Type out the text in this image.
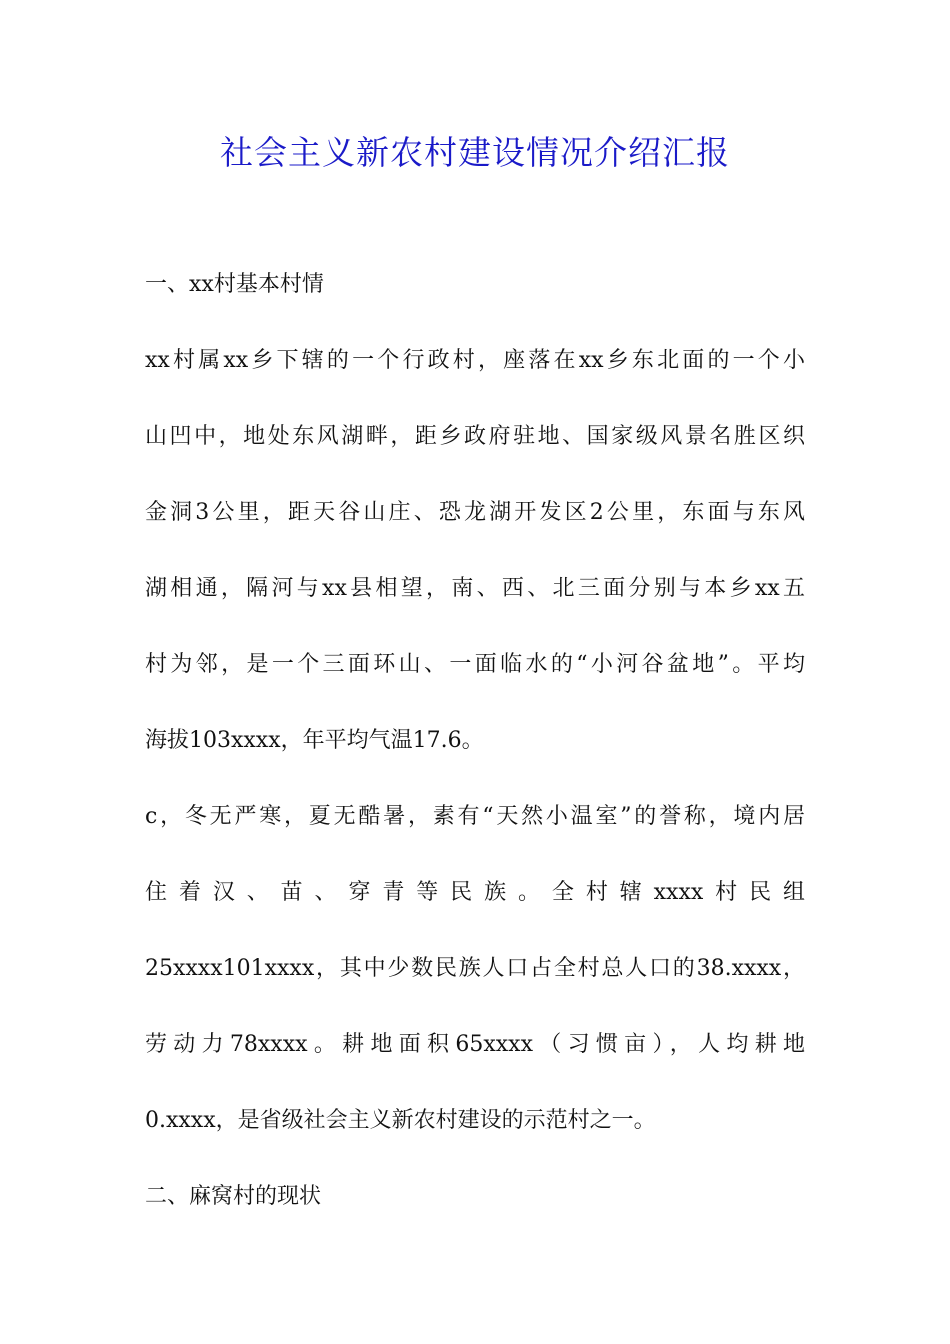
社会主义新农村建设情况介绍汇报
一、xx村基本村情
xx村属xx乡下辖的一个行政村，座落在xx乡东北面的一个小
山凹中，地处东风湖畔，距乡政府驻地、国家级风景名胜区织
金洞3公里，距天谷山庄、恐龙湖开发区2公里，东面与东风
湖相通，隔河与xx县相望，南、西、北三面分别与本乡xx五
村为邻，是一个三面环山、一面临水的“小河谷盆地”。平均
海拔103xxxx，年平均气温17.6。
c，冬无严寒，夏无酷暑，素有“天然小温室”的誉称，境内居
住着汉、苗、穿青等民族。全村辖xxxx村民组
25xxxx101xxxx，其中少数民族人口占全村总人口的38.xxxx，
劳动力78xxxx。耕地面积65xxxx（习惯亩），人均耕地
0.xxxx，是省级社会主义新农村建设的示范村之一。
二、麻窝村的现状
